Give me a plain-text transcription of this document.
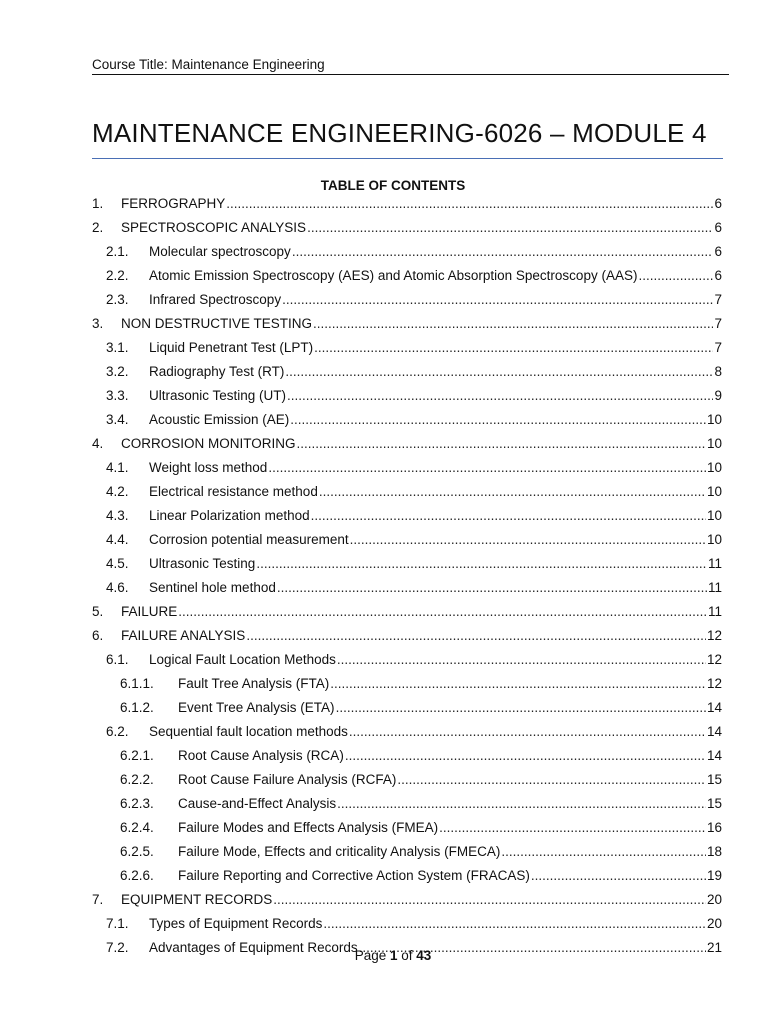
Course Title: Maintenance Engineering
MAINTENANCE ENGINEERING-6026 – MODULE 4
TABLE OF CONTENTS
1.	FERROGRAPHY .....	6
2.	SPECTROSCOPIC ANALYSIS .....	6
2.1.	Molecular spectroscopy .....	6
2.2.	Atomic Emission Spectroscopy (AES) and Atomic Absorption Spectroscopy (AAS) .....	6
2.3.	Infrared Spectroscopy .....	7
3.	NON DESTRUCTIVE TESTING .....	7
3.1.	Liquid Penetrant Test (LPT) .....	7
3.2.	Radiography Test (RT) .....	8
3.3.	Ultrasonic Testing (UT) .....	9
3.4.	Acoustic Emission (AE) .....	10
4.	CORROSION MONITORING .....	10
4.1.	Weight loss method .....	10
4.2.	Electrical resistance method .....	10
4.3.	Linear Polarization method .....	10
4.4.	Corrosion potential measurement .....	10
4.5.	Ultrasonic Testing .....	11
4.6.	Sentinel hole method .....	11
5.	FAILURE .....	11
6.	FAILURE ANALYSIS .....	12
6.1.	Logical Fault Location Methods .....	12
6.1.1.	Fault Tree Analysis (FTA) .....	12
6.1.2.	Event Tree Analysis (ETA) .....	14
6.2.	Sequential fault location methods .....	14
6.2.1.	Root Cause Analysis (RCA) .....	14
6.2.2.	Root Cause Failure Analysis (RCFA) .....	15
6.2.3.	Cause-and-Effect Analysis .....	15
6.2.4.	Failure Modes and Effects Analysis (FMEA) .....	16
6.2.5.	Failure Mode, Effects and criticality Analysis (FMECA) .....	18
6.2.6.	Failure Reporting and Corrective Action System (FRACAS) .....	19
7.	EQUIPMENT RECORDS .....	20
7.1.	Types of Equipment Records .....	20
7.2.	Advantages of Equipment Records .....	21
Page 1 of 43
